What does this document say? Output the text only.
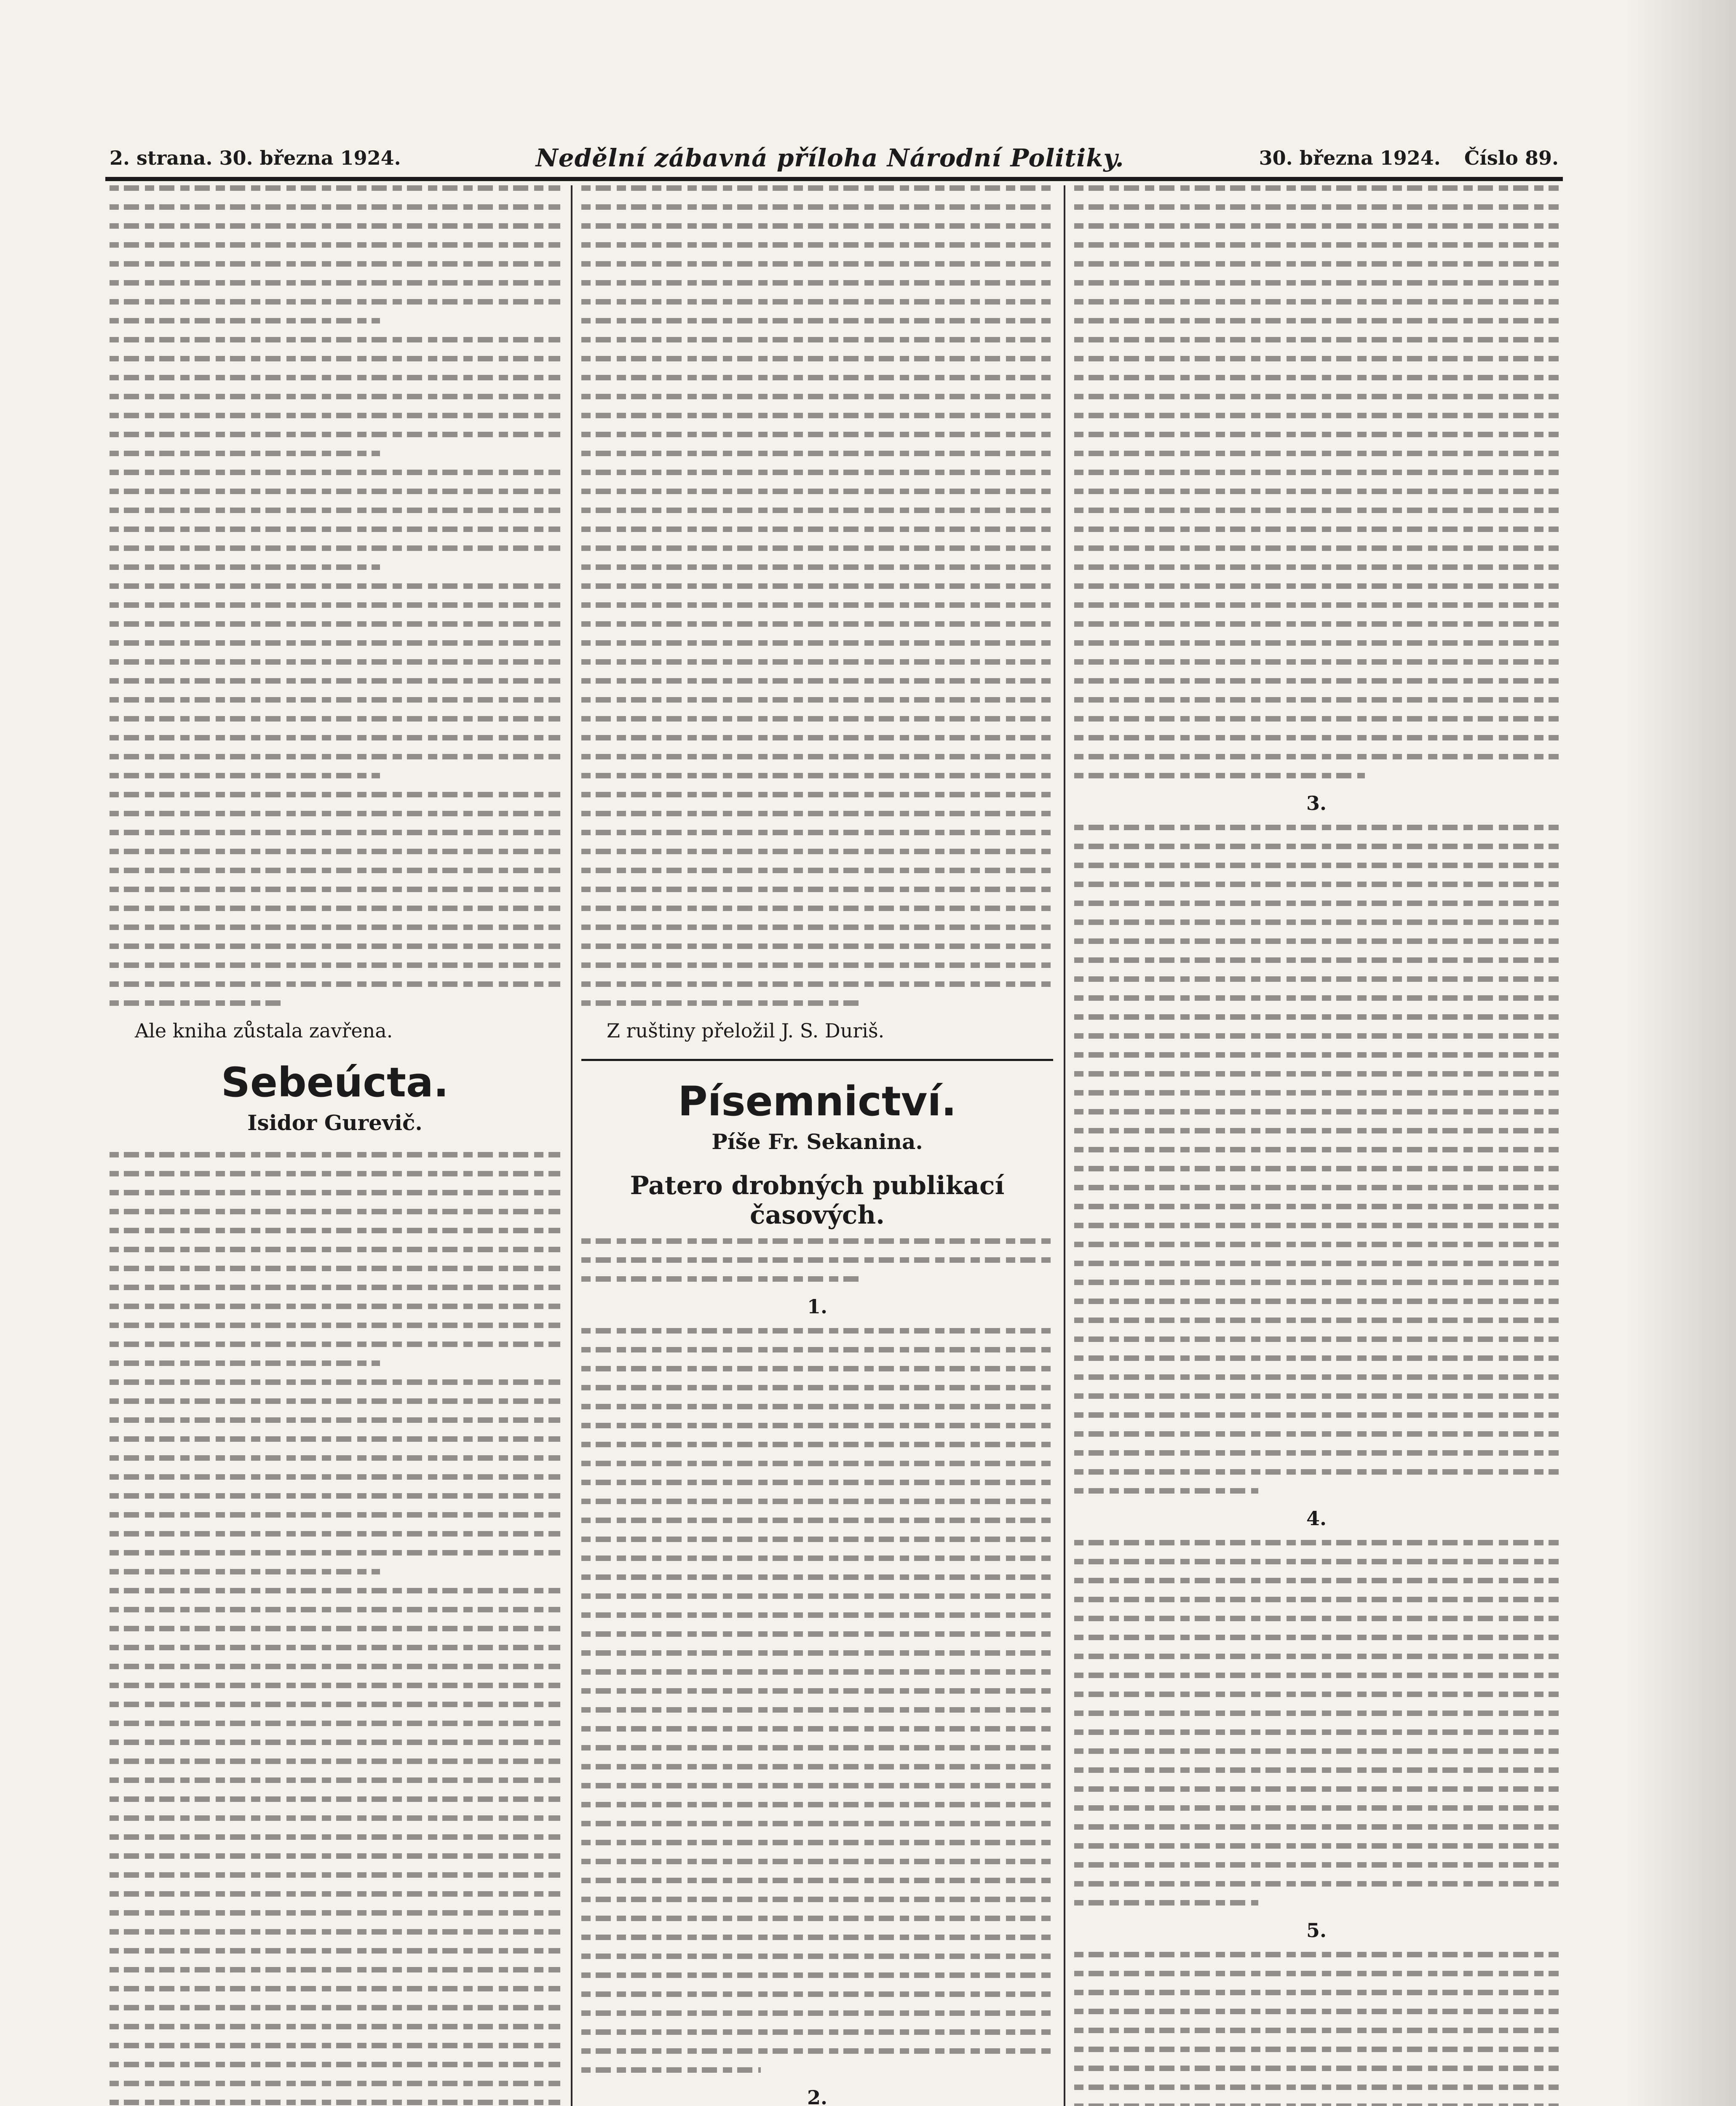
2. strana. 30. března 1924.	Nedělní zábavná příloha Národní Politiky.	30. března 1924. Číslo 89.
Ale kniha zůstala zavřena.
Sebeúcta.
Isidor Gurevič.
Z ruštiny přeložil J. S. Duriš.
Písemnictví.
Píše Fr. Sekanina.
Patero drobných publikací časových.
1.
2.
3.
4.
5.
